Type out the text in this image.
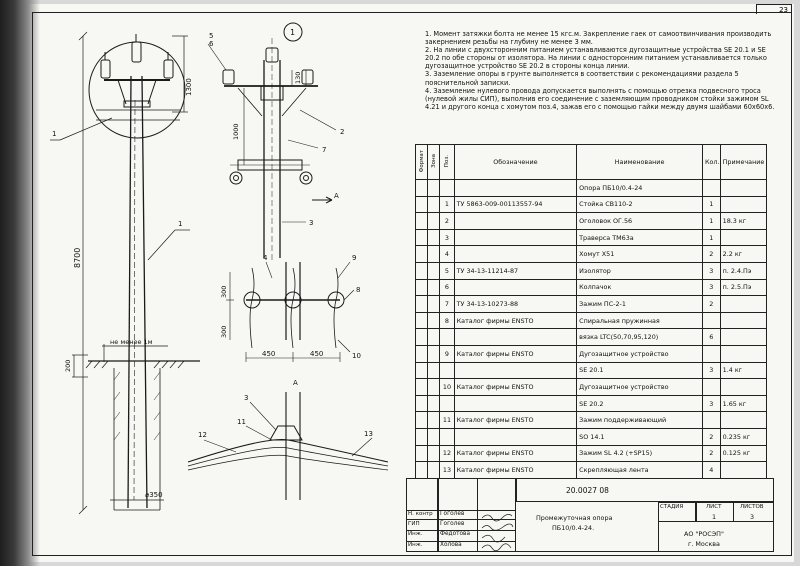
23
8700
1300
1
1
не менее 1м
200
⌀350
1
А
130
1000
5
6
2
7
3
300
300
450	450
4	9
8
10
А
3
11
12	13

1. Момент затяжки болта не менее 15 кгс.м. Закрепление гаек от самоотвинчивания производить закернением резьбы на глубину не менее 3 мм.

2. На линии с двухсторонним питанием устанавливаются дугозащитные устройства SE 20.1 и SE 20.2 по обе стороны от изолятора. На линии с односторонним питанием устанавливается только дугозащитное устройство SE 20.2 в стороны конца линии.

3. Заземление опоры в грунте выполняется в соответствии с рекомендациями раздела 5 пояснительной записки.

4. Заземление нулевого провода допускается выполнять с помощью отрезка подвесного троса (нулевой жилы СИП), выполнив его соединение с заземляющим проводником стойки зажимом SL 4.21 и другого конца с хомутом поз.4, зажав его с помощью гайки между двумя шайбами 60х60х6.

Формат	Зона	Поз.	Обозначение	Наименование	Кол.	Примечание
				Опора ПБ10/0.4-24		
		1	ТУ 5863-009-00113557-94	Стойка СВ110-2	1	
		2		Оголовок ОГ.56	1	18.3 кг
		3		Траверса ТМ63а	1	
		4		Хомут Х51	2	2.2 кг
		5	ТУ 34-13-11214-87	Изолятор	3	п. 2.4.Пэ
		6		Колпачок	3	п. 2.5.Пэ
		7	ТУ 34-13-10273-88	Зажим ПС-2-1	2	
		8	Каталог фирмы ENSTO	Спиральная пружинная		
				вязка LTC(50,70,95,120)	6	
		9	Каталог фирмы ENSTO	Дугозащитное устройство		
				SE 20.1	3	1.4 кг
		10	Каталог фирмы ENSTO	Дугозащитное устройство		
				SE 20.2	3	1.65 кг
		11	Каталог фирмы ENSTO	Зажим поддерживающий		
				SO 14.1	2	0.235 кг
		12	Каталог фирмы ENSTO	Зажим SL 4.2 (+SP15)	2	0.125 кг
		13	Каталог фирмы ENSTO	Скрепляющая лента	4	
20.0027 08
Промежуточная опора
ПБ10/0.4-24.
СТАДИЯ	ЛИСТ	ЛИСТОВ
1	3
АО "РОСЭП"
г. Москва
Н. контр Гоголев
ГИП	Гоголев
Инж.	Федотова
Инж.	Холова
